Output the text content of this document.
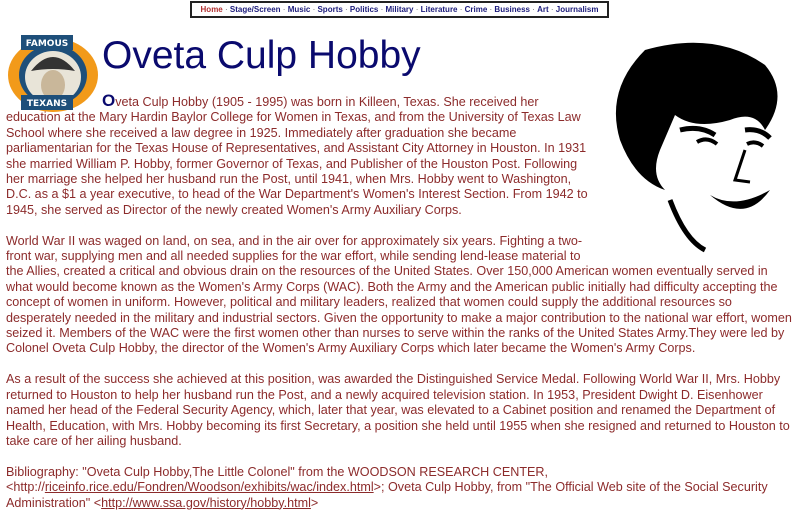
Home · Stage/Screen · Music · Sports · Politics · Military · Literature · Crime · Business · Art · Journalism
FAMOUS
TEXANS
Oveta Culp Hobby

Oveta Culp Hobby (1905 - 1995) was born in Killeen, Texas. She received her education at the Mary Hardin Baylor College for Women in Texas, and from the University of Texas Law School where she received a law degree in 1925. Immediately after graduation she became parliamentarian for the Texas House of Representatives, and Assistant City Attorney in Houston. In 1931 she married William P. Hobby, former Governor of Texas, and Publisher of the Houston Post. Following her marriage she helped her husband run the Post, until 1941, when Mrs. Hobby went to Washington, D.C. as a $1 a year executive, to head of the War Department's Women's Interest Section. From 1942 to 1945, she served as Director of the newly created Women's Army Auxiliary Corps.

World War II was waged on land, on sea, and in the air over for approximately six years. Fighting a two-front war, supplying men and all needed supplies for the war effort, while sending lend-lease material to the Allies, created a critical and obvious drain on the resources of the United States. Over 150,000 American women eventually served in what would become known as the Women's Army Corps (WAC). Both the Army and the American public initially had difficulty accepting the concept of women in uniform. However, political and military leaders, realized that women could supply the additional resources so desperately needed in the military and industrial sectors. Given the opportunity to make a major contribution to the national war effort, women seized it. Members of the WAC were the first women other than nurses to serve within the ranks of the United States Army.They were led by Colonel Oveta Culp Hobby, the director of the Women's Army Auxiliary Corps which later became the Women's Army Corps.

As a result of the success she achieved at this position, was awarded the Distinguished Service Medal. Following World War II, Mrs. Hobby returned to Houston to help her husband run the Post, and a newly acquired television station. In 1953, President Dwight D. Eisenhower named her head of the Federal Security Agency, which, later that year, was elevated to a Cabinet position and renamed the Department of Health, Education, with Mrs. Hobby becoming its first Secretary, a position she held until 1955 when she resigned and returned to Houston to take care of her ailing husband.

Bibliography: "Oveta Culp Hobby,The Little Colonel" from the WOODSON RESEARCH CENTER, <http://riceinfo.rice.edu/Fondren/Woodson/exhibits/wac/index.html>; Oveta Culp Hobby, from "The Official Web site of the Social Security Administration" <http://www.ssa.gov/history/hobby.html>
